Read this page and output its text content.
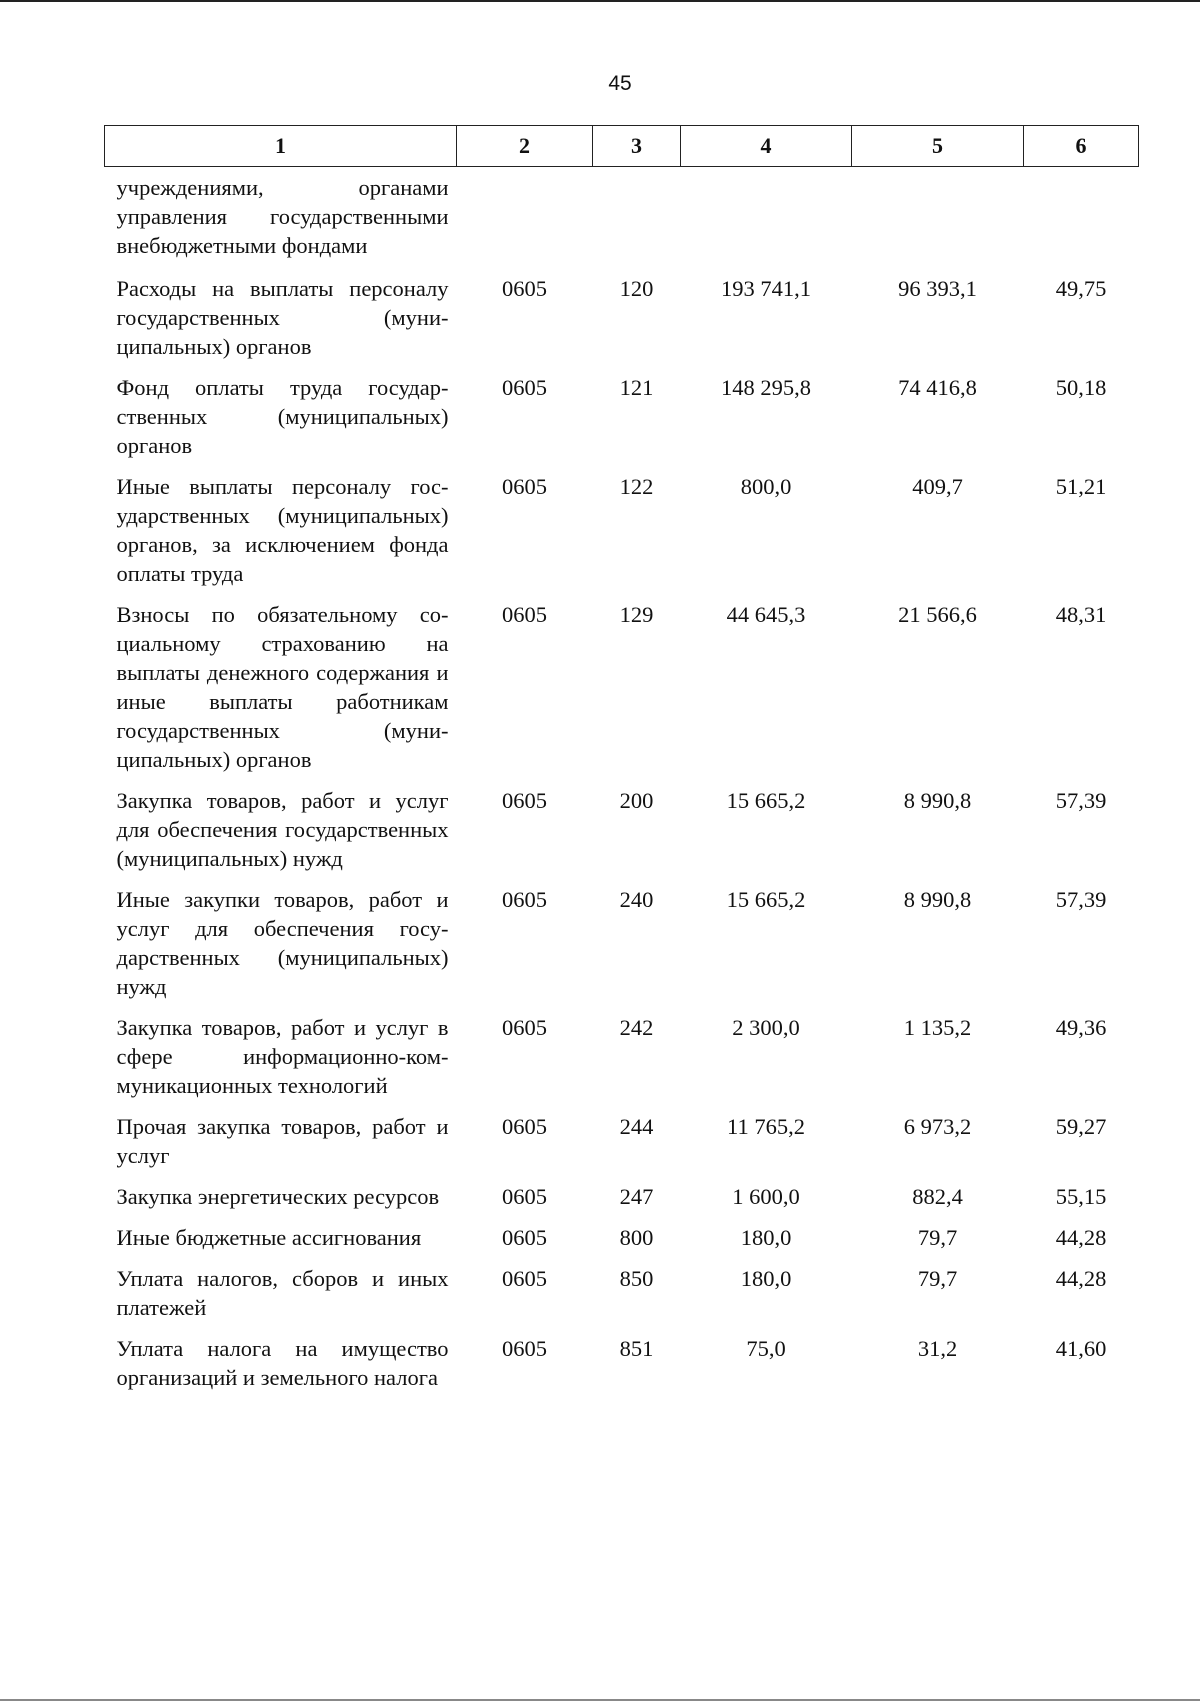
45
1	2	3	4	5	6
учреждениями, органами управления государственными внебюджетными фондами					
Расходы на выплаты персоналу государственных (муниципальных) органов	0605	120	193 741,1	96 393,1	49,75
Фонд оплаты труда государственных (муниципальных) органов	0605	121	148 295,8	74 416,8	50,18
Иные выплаты персоналу государственных (муниципальных) органов, за исключением фонда оплаты труда	0605	122	800,0	409,7	51,21
Взносы по обязательному социальному страхованию на выплаты денежного содержания и иные выплаты работникам государственных (муниципальных) органов	0605	129	44 645,3	21 566,6	48,31
Закупка товаров, работ и услуг для обеспечения государственных (муниципальных) нужд	0605	200	15 665,2	8 990,8	57,39
Иные закупки товаров, работ и услуг для обеспечения государственных (муниципальных) нужд	0605	240	15 665,2	8 990,8	57,39
Закупка товаров, работ и услуг в сфере информационно-коммуникационных технологий	0605	242	2 300,0	1 135,2	49,36
Прочая закупка товаров, работ и услуг	0605	244	11 765,2	6 973,2	59,27
Закупка энергетических ресурсов	0605	247	1 600,0	882,4	55,15
Иные бюджетные ассигнования	0605	800	180,0	79,7	44,28
Уплата налогов, сборов и иных платежей	0605	850	180,0	79,7	44,28
Уплата налога на имущество организаций и земельного налога	0605	851	75,0	31,2	41,60
